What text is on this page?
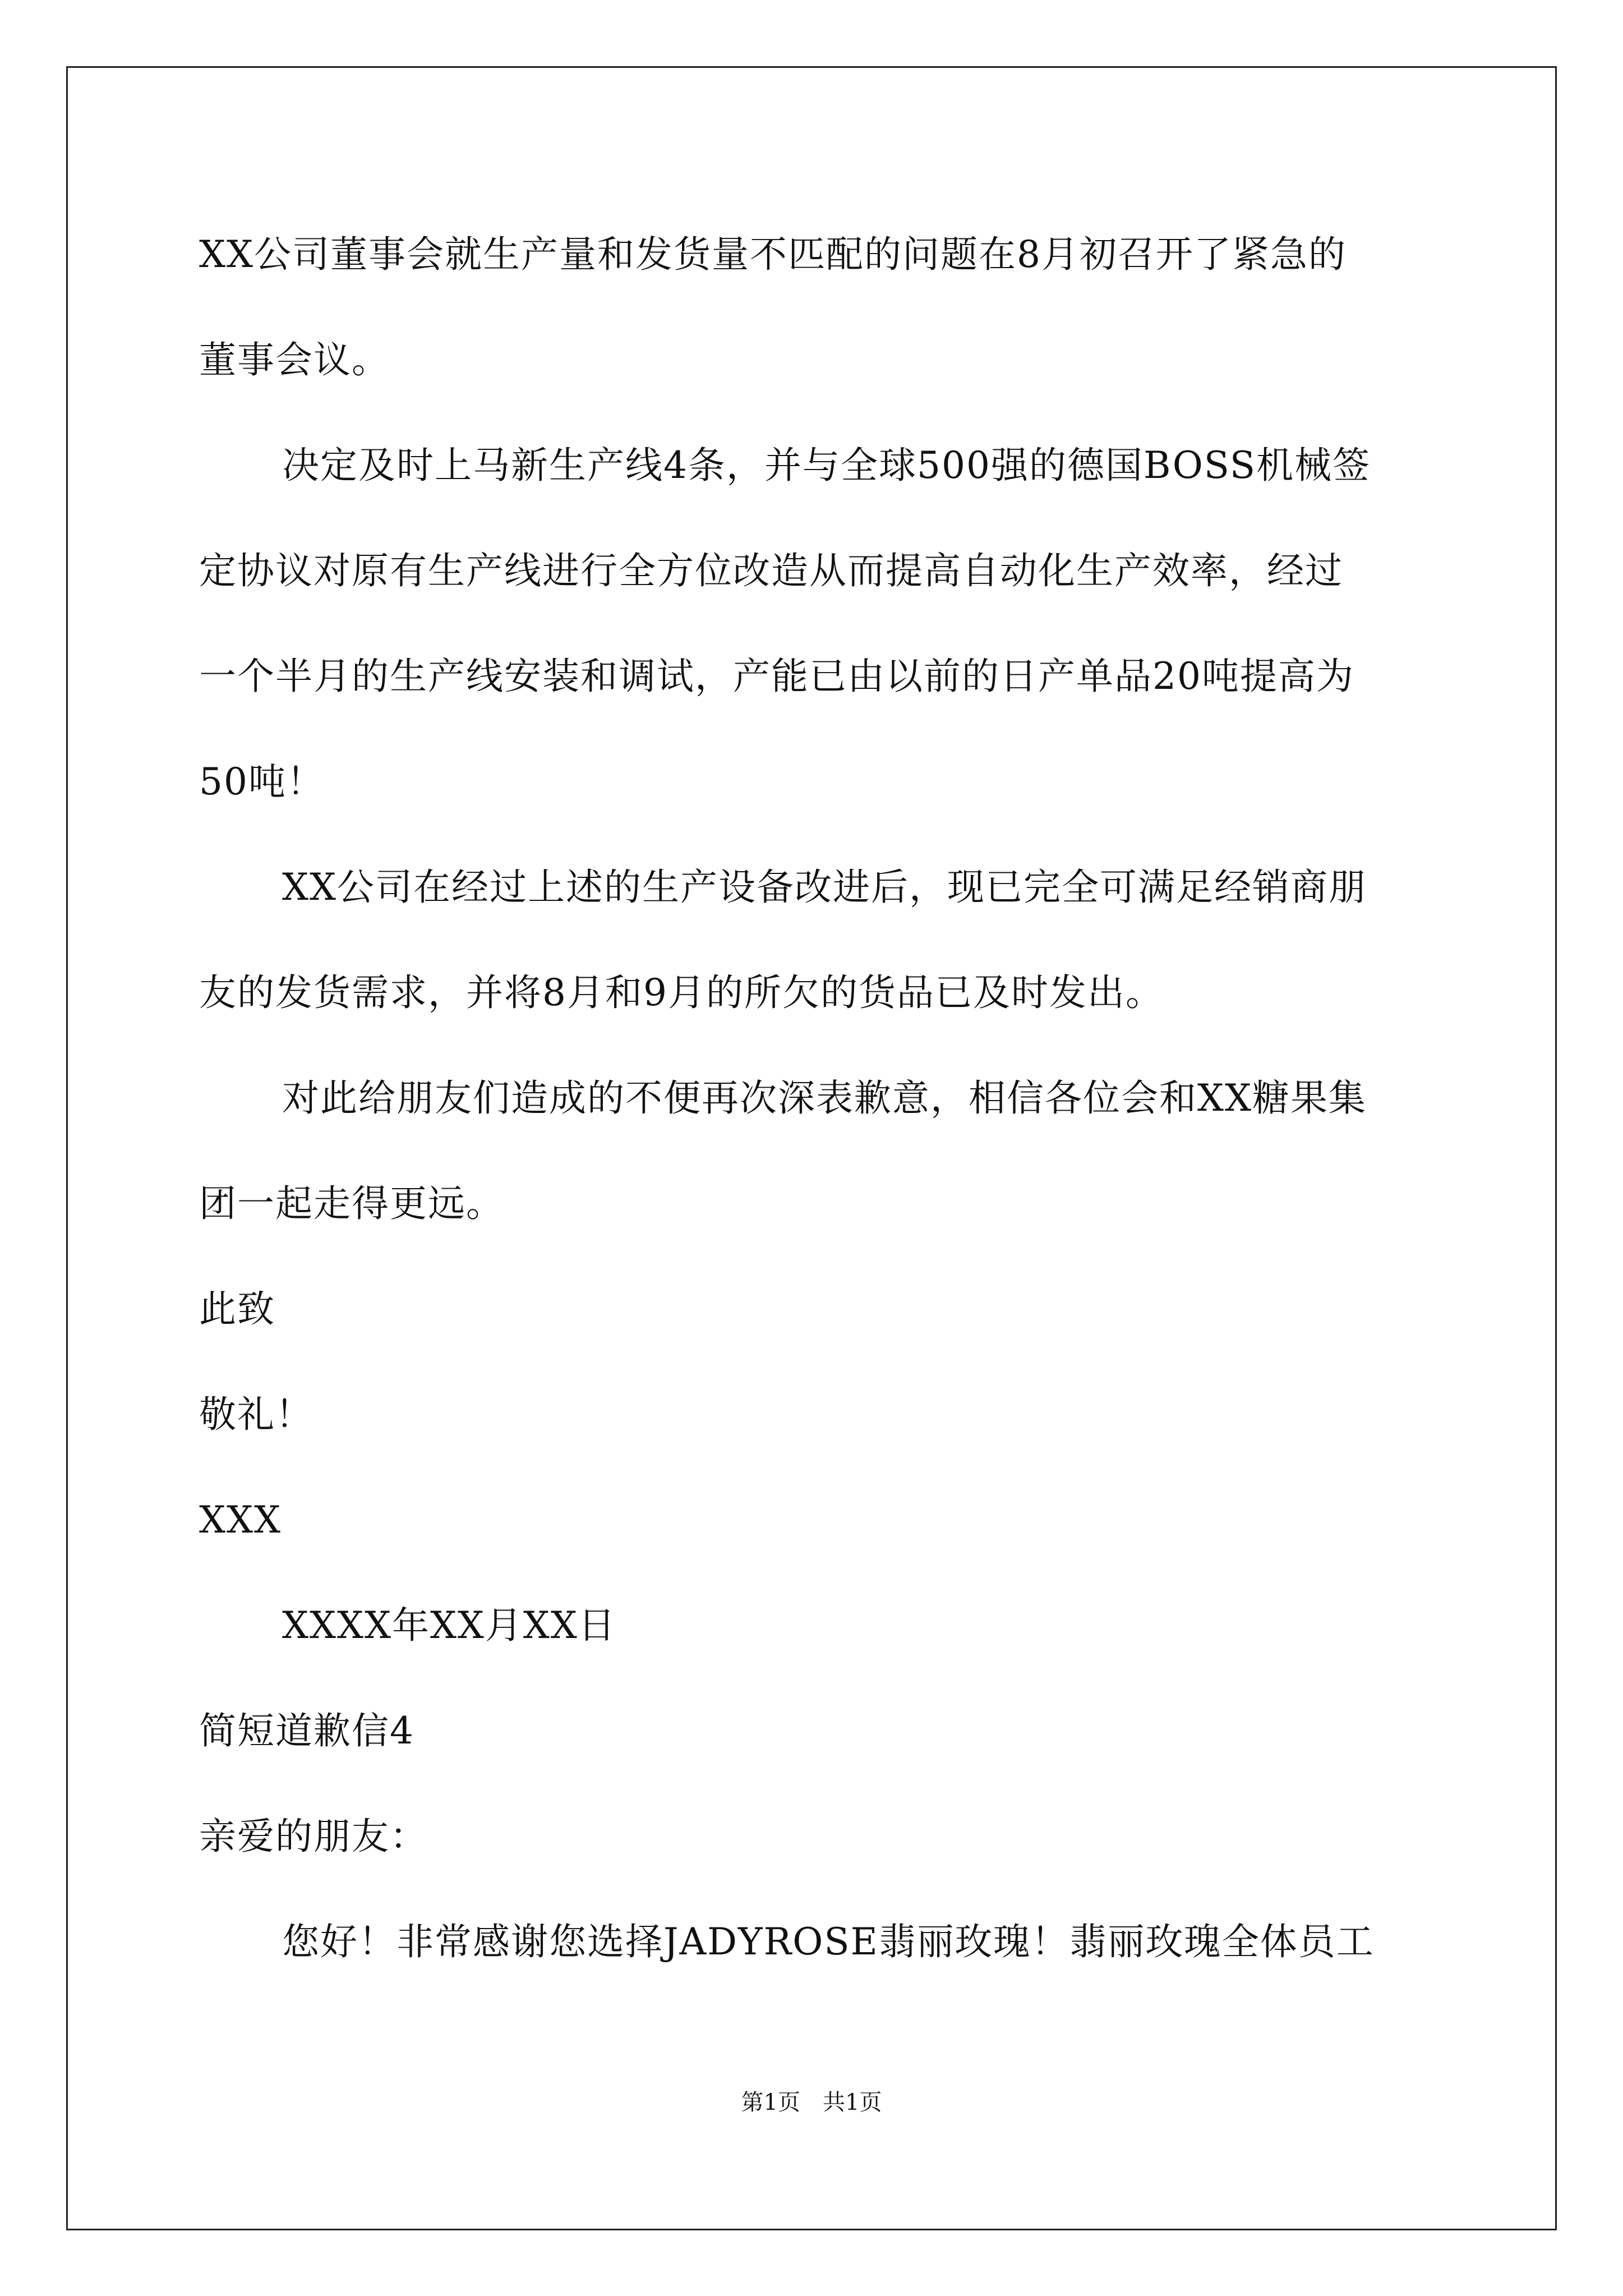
XX公司董事会就生产量和发货量不匹配的问题在8月初召开了紧急的
董事会议。
决定及时上马新生产线4条，并与全球500强的德国BOSS机械签
定协议对原有生产线进行全方位改造从而提高自动化生产效率，经过
一个半月的生产线安装和调试，产能已由以前的日产单品20吨提高为
50吨！
XX公司在经过上述的生产设备改进后，现已完全可满足经销商朋
友的发货需求，并将8月和9月的所欠的货品已及时发出。
对此给朋友们造成的不便再次深表歉意，相信各位会和XX糖果集
团一起走得更远。
此致
敬礼！
XXX
XXXX年XX月XX日
简短道歉信4
亲爱的朋友：
您好！非常感谢您选择JADYROSE翡丽玫瑰！翡丽玫瑰全体员工
第1页 共1页
